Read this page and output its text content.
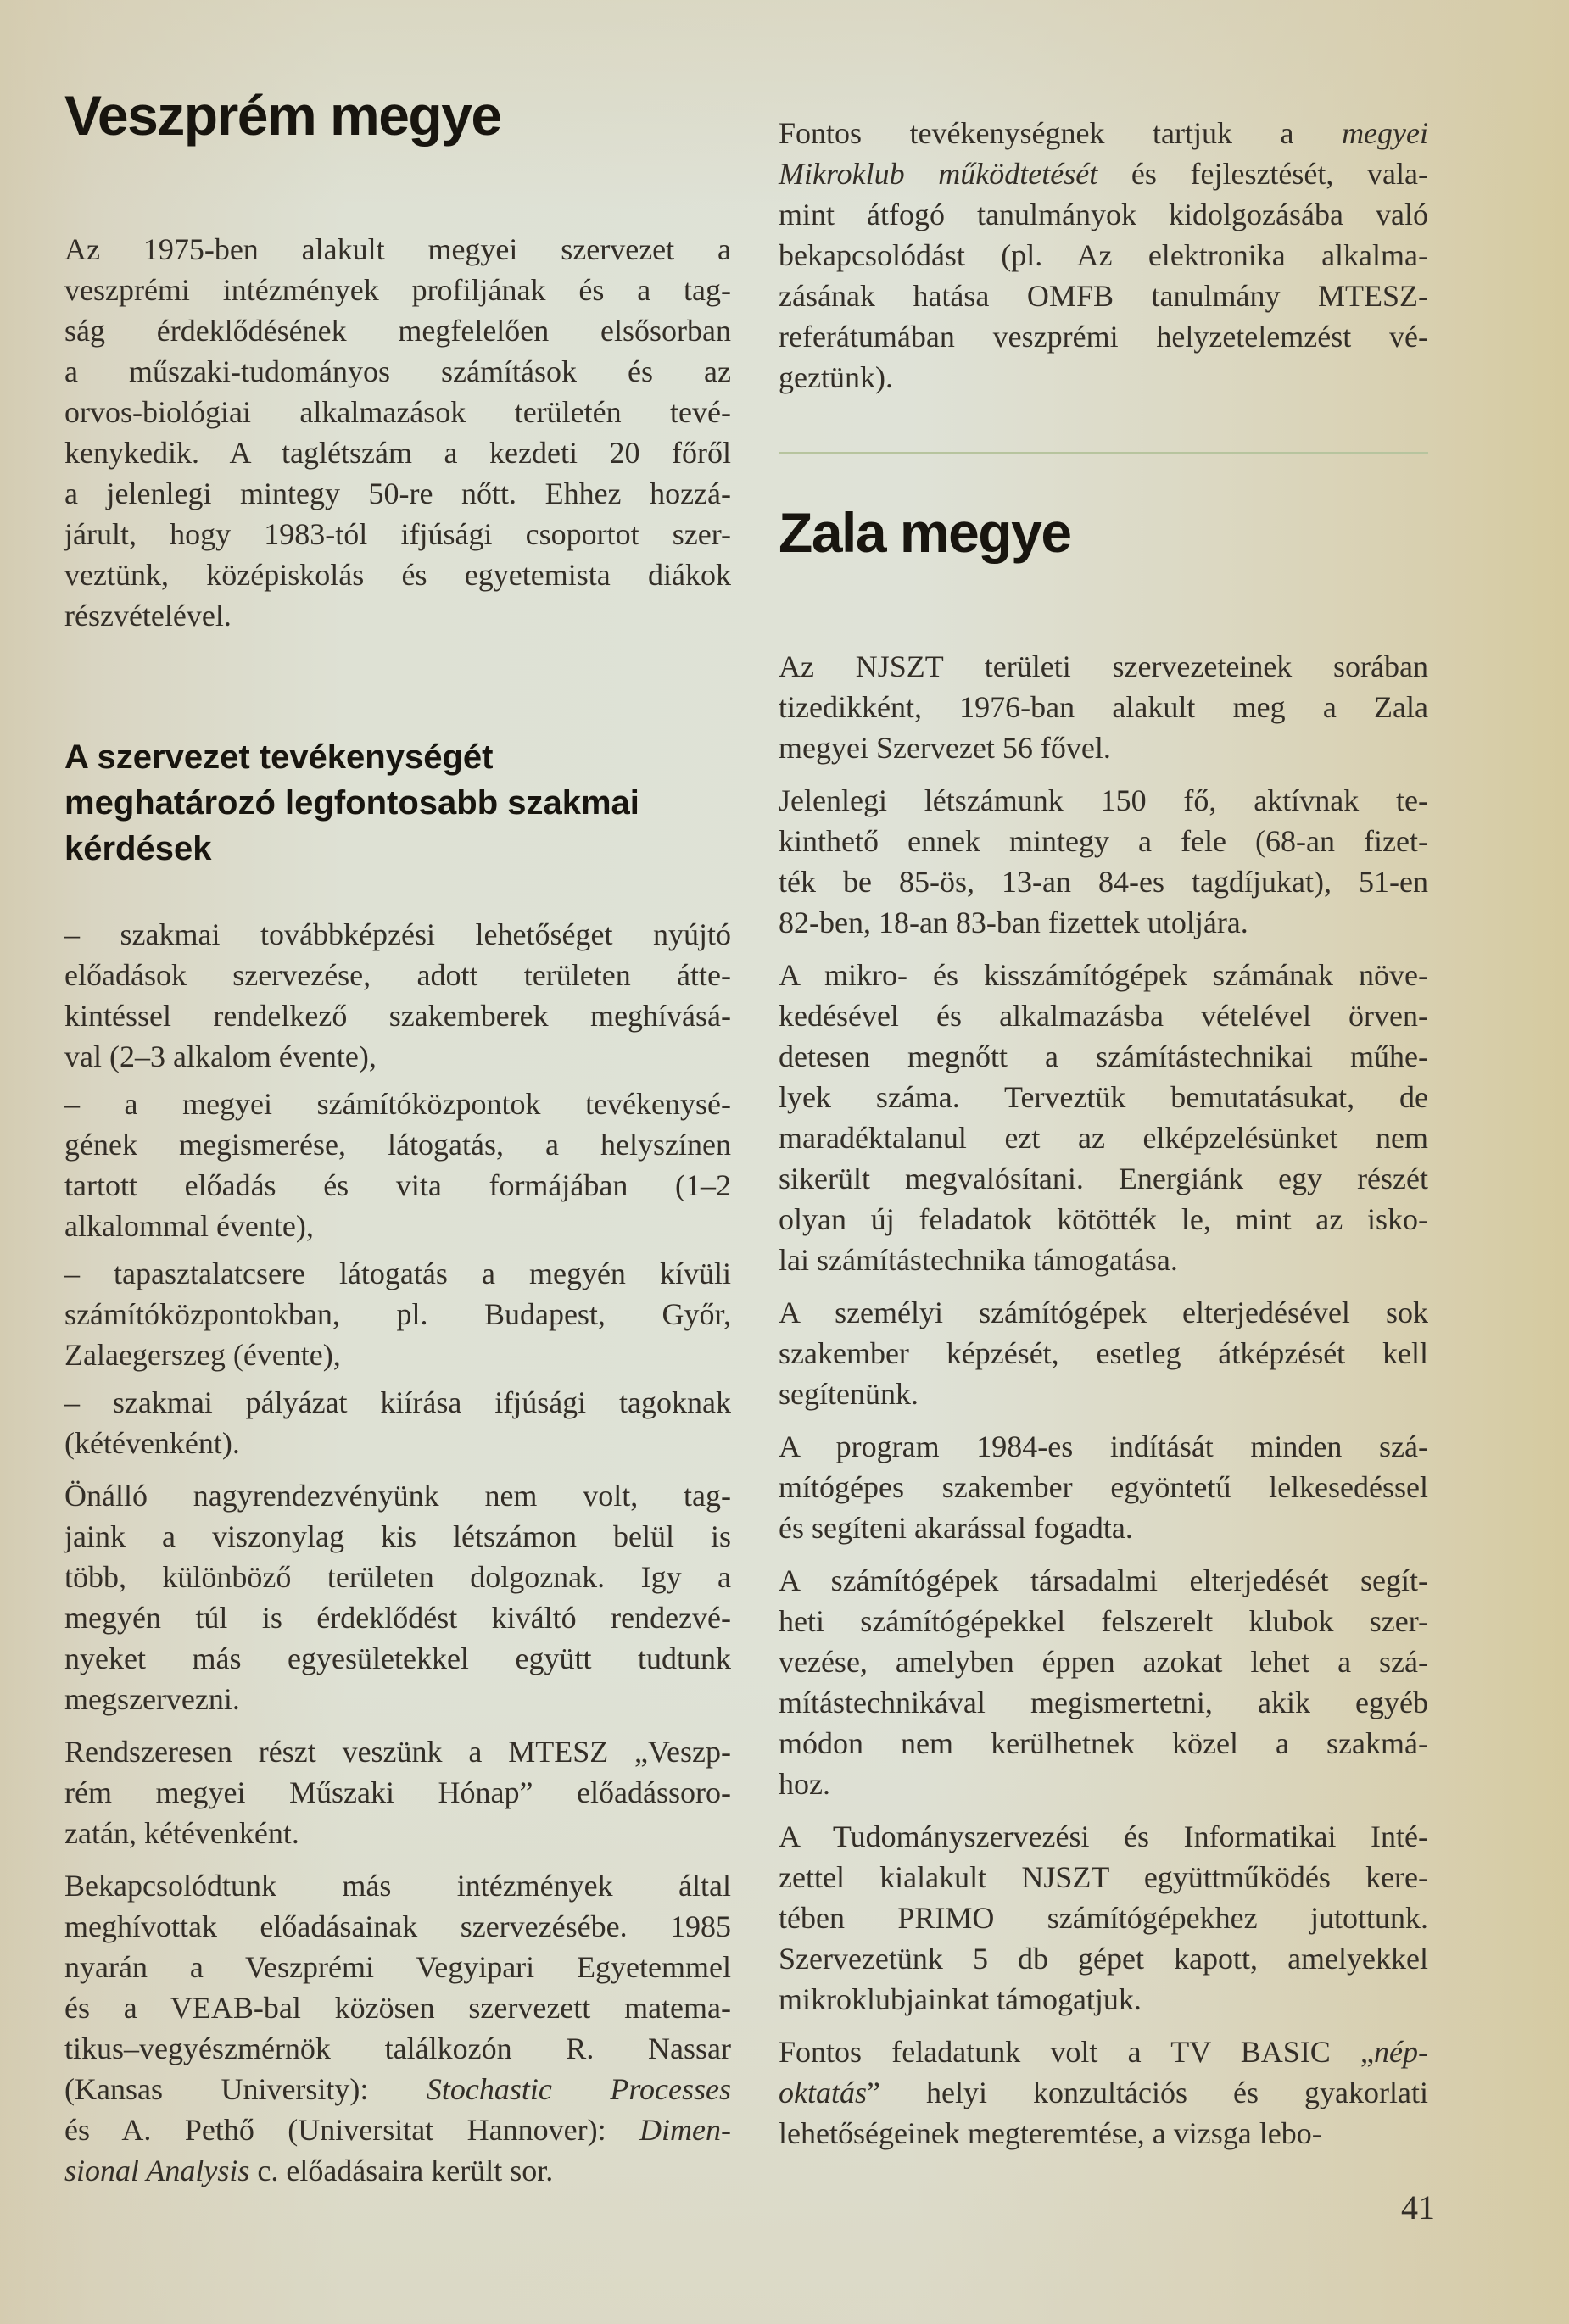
Veszprém megye
Az 1975-ben alakult megyei szervezet a
veszprémi intézmények profiljának és a tag-
ság érdeklődésének megfelelően elsősorban
a műszaki-tudományos számítások és az
orvos-biológiai alkalmazások területén tevé-
kenykedik. A taglétszám a kezdeti 20 főről
a jelenlegi mintegy 50-re nőtt. Ehhez hozzá-
járult, hogy 1983-tól ifjúsági csoportot szer-
veztünk, középiskolás és egyetemista diákok
részvételével.
A szervezet tevékenységét
meghatározó legfontosabb szakmai
kérdések
– szakmai továbbképzési lehetőséget nyújtó
előadások szervezése, adott területen átte-
kintéssel rendelkező szakemberek meghívásá-
val (2–3 alkalom évente),
– a megyei számítóközpontok tevékenysé-
gének megismerése, látogatás, a helyszínen
tartott előadás és vita formájában (1–2
alkalommal évente),
– tapasztalatcsere látogatás a megyén kívüli
számítóközpontokban, pl. Budapest, Győr,
Zalaegerszeg (évente),
– szakmai pályázat kiírása ifjúsági tagoknak
(kétévenként).
Önálló nagyrendezvényünk nem volt, tag-
jaink a viszonylag kis létszámon belül is
több, különböző területen dolgoznak. Igy a
megyén túl is érdeklődést kiváltó rendezvé-
nyeket más egyesületekkel együtt tudtunk
megszervezni.
Rendszeresen részt veszünk a MTESZ „Veszp-
rém megyei Műszaki Hónap” előadássoro-
zatán, kétévenként.
Bekapcsolódtunk más intézmények által
meghívottak előadásainak szervezésébe. 1985
nyarán a Veszprémi Vegyipari Egyetemmel
és a VEAB-bal közösen szervezett matema-
tikus–vegyészmérnök találkozón R. Nassar
(Kansas University): Stochastic Processes
és A. Pethő (Universitat Hannover): Dimen-
sional Analysis c. előadásaira került sor.
Fontos tevékenységnek tartjuk a megyei
Mikroklub működtetését és fejlesztését, vala-
mint átfogó tanulmányok kidolgozásába való
bekapcsolódást (pl. Az elektronika alkalma-
zásának hatása OMFB tanulmány MTESZ-
referátumában veszprémi helyzetelemzést vé-
geztünk).
Zala megye
Az NJSZT területi szervezeteinek sorában
tizedikként, 1976-ban alakult meg a Zala
megyei Szervezet 56 fővel.
Jelenlegi létszámunk 150 fő, aktívnak te-
kinthető ennek mintegy a fele (68-an fizet-
ték be 85-ös, 13-an 84-es tagdíjukat), 51-en
82-ben, 18-an 83-ban fizettek utoljára.
A mikro- és kisszámítógépek számának növe-
kedésével és alkalmazásba vételével örven-
detesen megnőtt a számítástechnikai műhe-
lyek száma. Terveztük bemutatásukat, de
maradéktalanul ezt az elképzelésünket nem
sikerült megvalósítani. Energiánk egy részét
olyan új feladatok kötötték le, mint az isko-
lai számítástechnika támogatása.
A személyi számítógépek elterjedésével sok
szakember képzését, esetleg átképzését kell
segítenünk.
A program 1984-es indítását minden szá-
mítógépes szakember egyöntetű lelkesedéssel
és segíteni akarással fogadta.
A számítógépek társadalmi elterjedését segít-
heti számítógépekkel felszerelt klubok szer-
vezése, amelyben éppen azokat lehet a szá-
mítástechnikával megismertetni, akik egyéb
módon nem kerülhetnek közel a szakmá-
hoz.
A Tudományszervezési és Informatikai Inté-
zettel kialakult NJSZT együttműködés kere-
tében PRIMO számítógépekhez jutottunk.
Szervezetünk 5 db gépet kapott, amelyekkel
mikroklubjainkat támogatjuk.
Fontos feladatunk volt a TV BASIC „nép-
oktatás” helyi konzultációs és gyakorlati
lehetőségeinek megteremtése, a vizsga lebo-
41
